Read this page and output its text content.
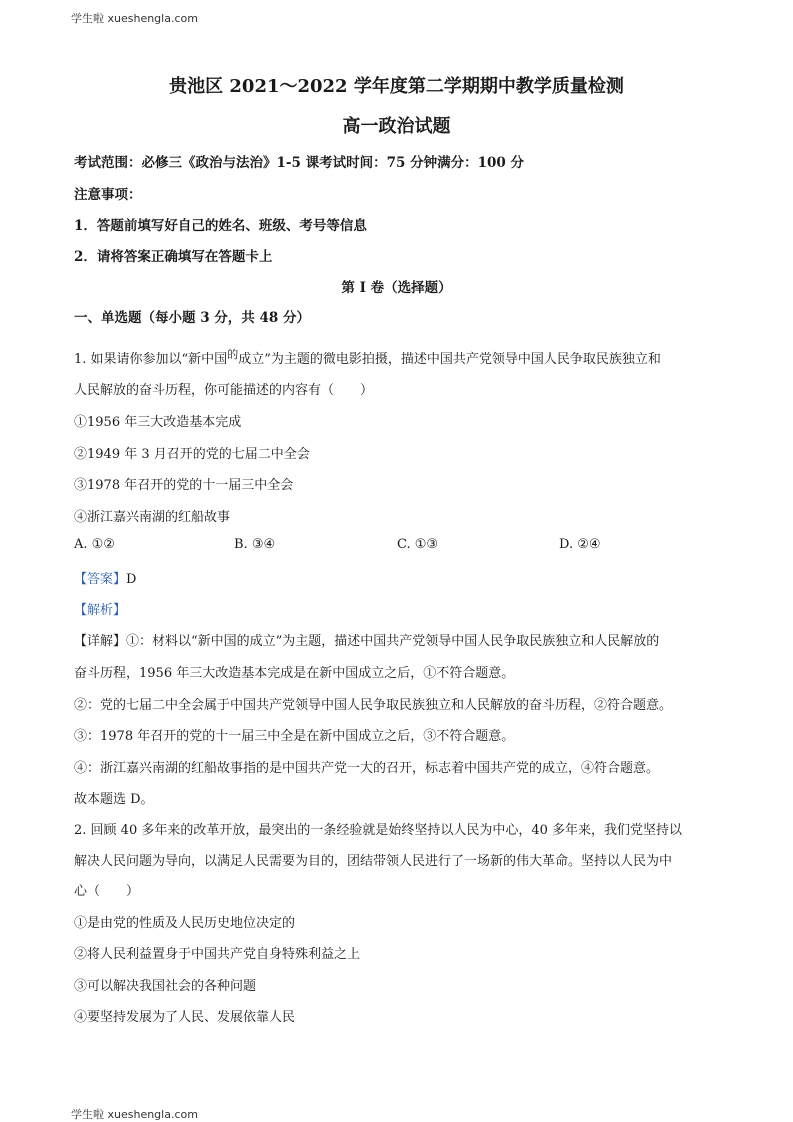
学生啦 xueshengla.com
贵池区 2021～2022 学年度第二学期期中教学质量检测
高一政治试题
考试范围：必修三《政治与法治》1-5 课考试时间：75 分钟满分：100 分
注意事项：
1．答题前填写好自己的姓名、班级、考号等信息
2．请将答案正确填写在答题卡上
第 I 卷（选择题）
一、单选题（每小题 3 分，共 48 分）
1. 如果请你参加以“新中国$^的$成立”为主题的微电影拍摄，描述中国共产党领导中国人民争取民族独立和
人民解放的奋斗历程，你可能描述的内容有（　　）
①1956 年三大改造基本完成
②1949 年 3 月召开的党的七届二中全会
③1978 年召开的党的十一届三中全会
④浙江嘉兴南湖的红船故事
A. ①②	B. ③④	C. ①③	D. ②④
【答案】D
【解析】
【详解】①：材料以“新中国的成立”为主题，描述中国共产党领导中国人民争取民族独立和人民解放的
奋斗历程，1956 年三大改造基本完成是在新中国成立之后，①不符合题意。
②：党的七届二中全会属于中国共产党领导中国人民争取民族独立和人民解放的奋斗历程，②符合题意。
③：1978 年召开的党的十一届三中全是在新中国成立之后，③不符合题意。
④：浙江嘉兴南湖的红船故事指的是中国共产党一大的召开，标志着中国共产党的成立，④符合题意。
故本题选 D。
2. 回顾 40 多年来的改革开放，最突出的一条经验就是始终坚持以人民为中心，40 多年来，我们党坚持以
解决人民问题为导向，以满足人民需要为目的，团结带领人民进行了一场新的伟大革命。坚持以人民为中
心（　　）
①是由党的性质及人民历史地位决定的
②将人民利益置身于中国共产党自身特殊利益之上
③可以解决我国社会的各种问题
④要坚持发展为了人民、发展依靠人民
学生啦 xueshengla.com
